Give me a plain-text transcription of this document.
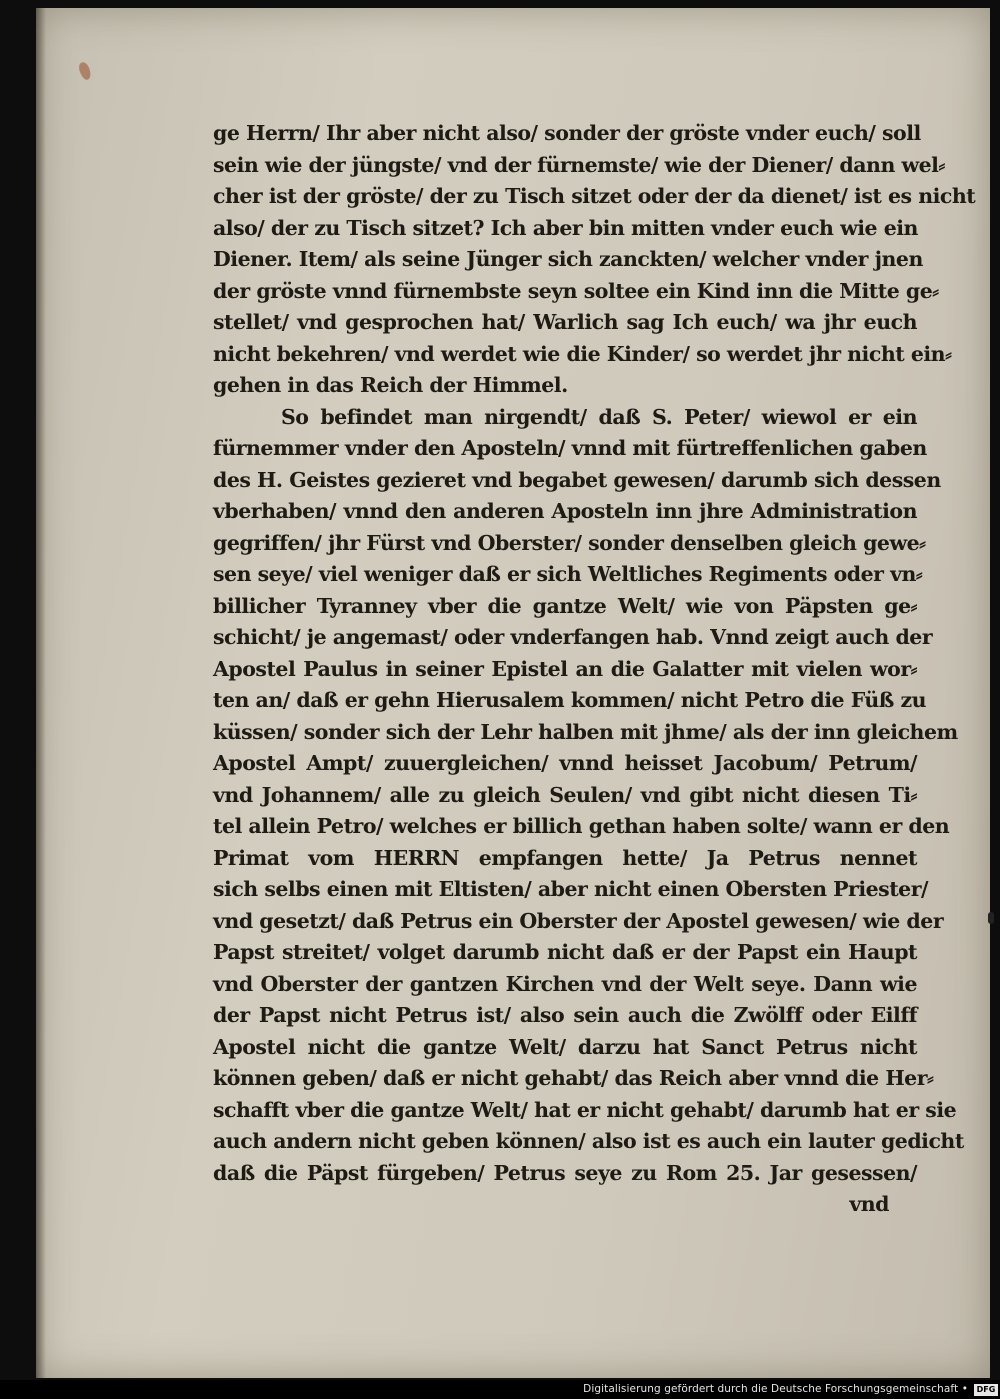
ge Herrn/ Ihr aber nicht also/ sonder der gröste vnder euch/ soll
sein wie der jüngste/ vnd der fürnemste/ wie der Diener/ dann wel⸗
cher ist der gröste/ der zu Tisch sitzet oder der da dienet/ ist es nicht
also/ der zu Tisch sitzet? Ich aber bin mitten vnder euch wie ein
Diener. Item/ als seine Jünger sich zanckten/ welcher vnder jnen
der gröste vnnd fürnembste seyn soltee ein Kind inn die Mitte ge⸗
stellet/ vnd gesprochen hat/ Warlich sag Ich euch/ wa jhr euch
nicht bekehren/ vnd werdet wie die Kinder/ so werdet jhr nicht ein⸗
gehen in das Reich der Himmel.
So befindet man nirgendt/ daß S. Peter/ wiewol er ein
fürnemmer vnder den Aposteln/ vnnd mit fürtreffenlichen gaben
des H. Geistes gezieret vnd begabet gewesen/ darumb sich dessen
vberhaben/ vnnd den anderen Aposteln inn jhre Administration
gegriffen/ jhr Fürst vnd Oberster/ sonder denselben gleich gewe⸗
sen seye/ viel weniger daß er sich Weltliches Regiments oder vn⸗
billicher Tyranney vber die gantze Welt/ wie von Päpsten ge⸗
schicht/ je angemast/ oder vnderfangen hab. Vnnd zeigt auch der
Apostel Paulus in seiner Epistel an die Galatter mit vielen wor⸗
ten an/ daß er gehn Hierusalem kommen/ nicht Petro die Füß zu
küssen/ sonder sich der Lehr halben mit jhme/ als der inn gleichem
Apostel Ampt/ zuuergleichen/ vnnd heisset Jacobum/ Petrum/
vnd Johannem/ alle zu gleich Seulen/ vnd gibt nicht diesen Ti⸗
tel allein Petro/ welches er billich gethan haben solte/ wann er den
Primat vom HERRN empfangen hette/ Ja Petrus nennet
sich selbs einen mit Eltisten/ aber nicht einen Obersten Priester/
vnd gesetzt/ daß Petrus ein Oberster der Apostel gewesen/ wie der
Papst streitet/ volget darumb nicht daß er der Papst ein Haupt
vnd Oberster der gantzen Kirchen vnd der Welt seye. Dann wie
der Papst nicht Petrus ist/ also sein auch die Zwölff oder Eilff
Apostel nicht die gantze Welt/ darzu hat Sanct Petrus nicht
können geben/ daß er nicht gehabt/ das Reich aber vnnd die Her⸗
schafft vber die gantze Welt/ hat er nicht gehabt/ darumb hat er sie
auch andern nicht geben können/ also ist es auch ein lauter gedicht
daß die Päpst fürgeben/ Petrus seye zu Rom 25. Jar gesessen/
vnd
Digitalisierung gefördert durch die Deutsche Forschungsgemeinschaft •	DFG
